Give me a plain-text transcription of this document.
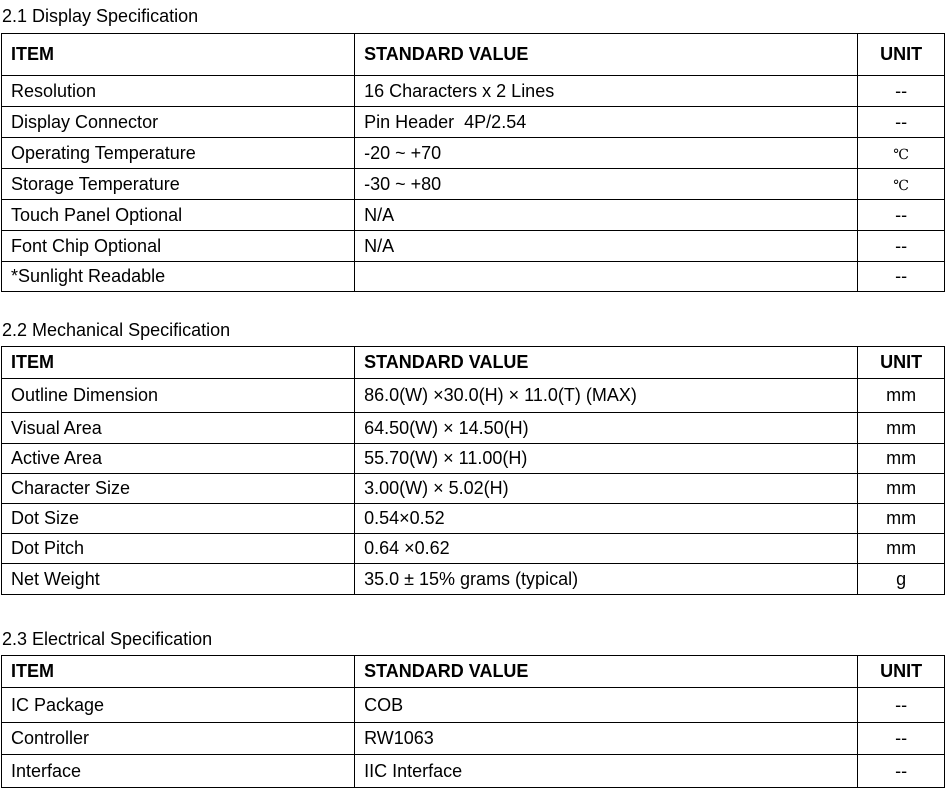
2.1 Display Specification
ITEM	STANDARD VALUE	UNIT
Resolution	16 Characters x 2 Lines	--
Display Connector	Pin Header  4P/2.54	--
Operating Temperature	-20 ~ +70	℃
Storage Temperature	-30 ~ +80	℃
Touch Panel Optional	N/A	--
Font Chip Optional	N/A	--
*Sunlight Readable		--
2.2 Mechanical Specification
ITEM	STANDARD VALUE	UNIT
Outline Dimension	86.0(W) ×30.0(H) × 11.0(T) (MAX)	mm
Visual Area	64.50(W) × 14.50(H)	mm
Active Area	55.70(W) × 11.00(H)	mm
Character Size	3.00(W) × 5.02(H)	mm
Dot Size	0.54×0.52	mm
Dot Pitch	0.64 ×0.62	mm
Net Weight	35.0 ± 15% grams (typical)	g
2.3 Electrical Specification
ITEM	STANDARD VALUE	UNIT
IC Package	COB	--
Controller	RW1063	--
Interface	IIC Interface	--
